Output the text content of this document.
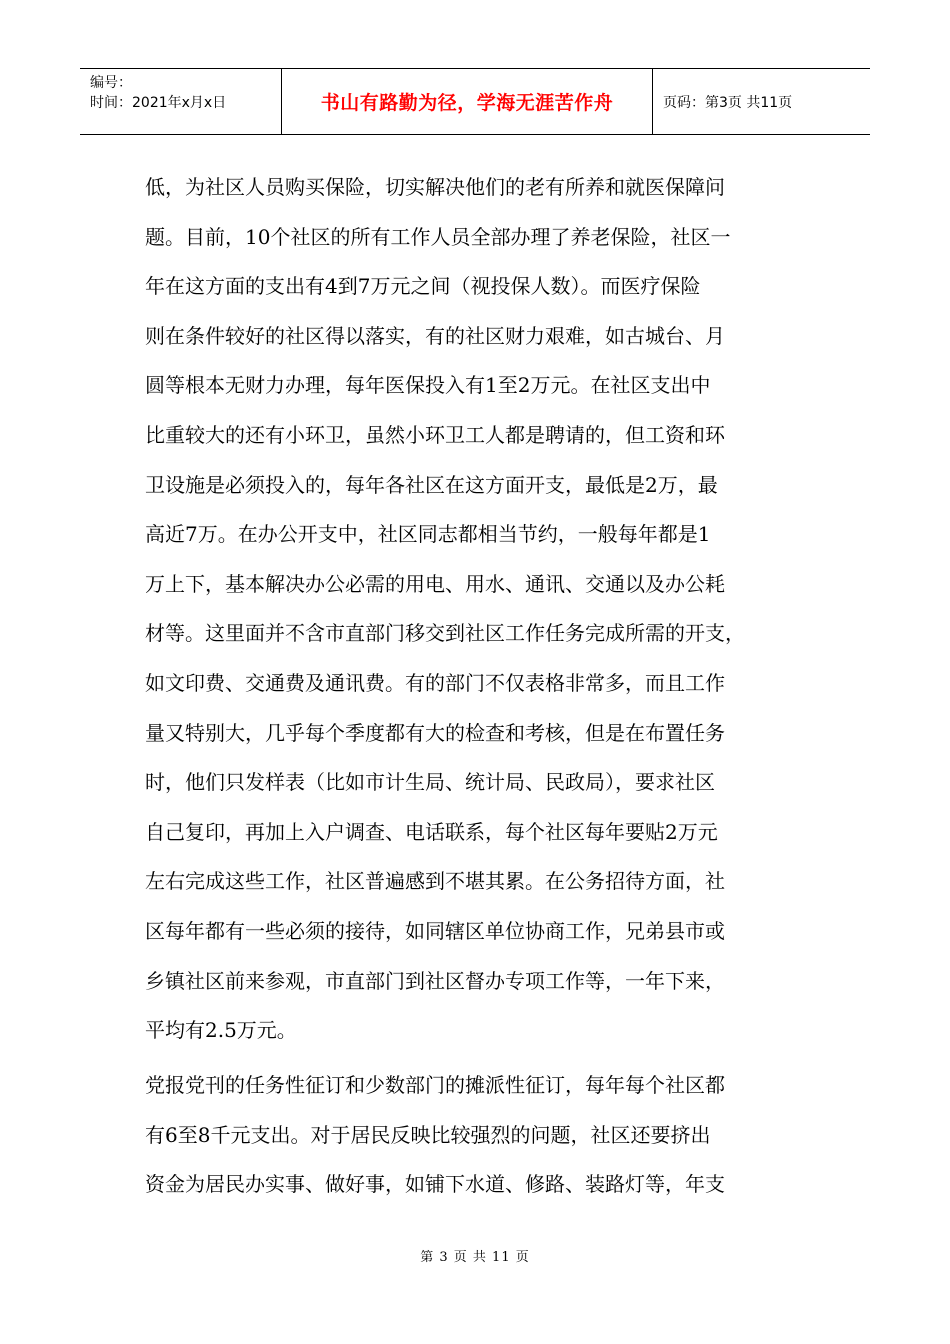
编号：
时间：2021年x月x日	书山有路勤为径，学海无涯苦作舟	页码：第3页 共11页
低，为社区人员购买保险，切实解决他们的老有所养和就医保障问
题。目前，10个社区的所有工作人员全部办理了养老保险，社区一
年在这方面的支出有4到7万元之间（视投保人数）。而医疗保险
则在条件较好的社区得以落实，有的社区财力艰难，如古城台、月
圆等根本无财力办理，每年医保投入有1至2万元。在社区支出中
比重较大的还有小环卫，虽然小环卫工人都是聘请的，但工资和环
卫设施是必须投入的，每年各社区在这方面开支，最低是2万，最
高近7万。在办公开支中，社区同志都相当节约，一般每年都是1
万上下，基本解决办公必需的用电、用水、通讯、交通以及办公耗
材等。这里面并不含市直部门移交到社区工作任务完成所需的开支，
如文印费、交通费及通讯费。有的部门不仅表格非常多，而且工作
量又特别大，几乎每个季度都有大的检查和考核，但是在布置任务
时，他们只发样表（比如市计生局、统计局、民政局），要求社区
自己复印，再加上入户调查、电话联系，每个社区每年要贴2万元
左右完成这些工作，社区普遍感到不堪其累。在公务招待方面，社
区每年都有一些必须的接待，如同辖区单位协商工作，兄弟县市或
乡镇社区前来参观，市直部门到社区督办专项工作等，一年下来，
平均有2.5万元。
党报党刊的任务性征订和少数部门的摊派性征订，每年每个社区都
有6至8千元支出。对于居民反映比较强烈的问题，社区还要挤出
资金为居民办实事、做好事，如铺下水道、修路、装路灯等，年支
第 3 页 共 11 页
